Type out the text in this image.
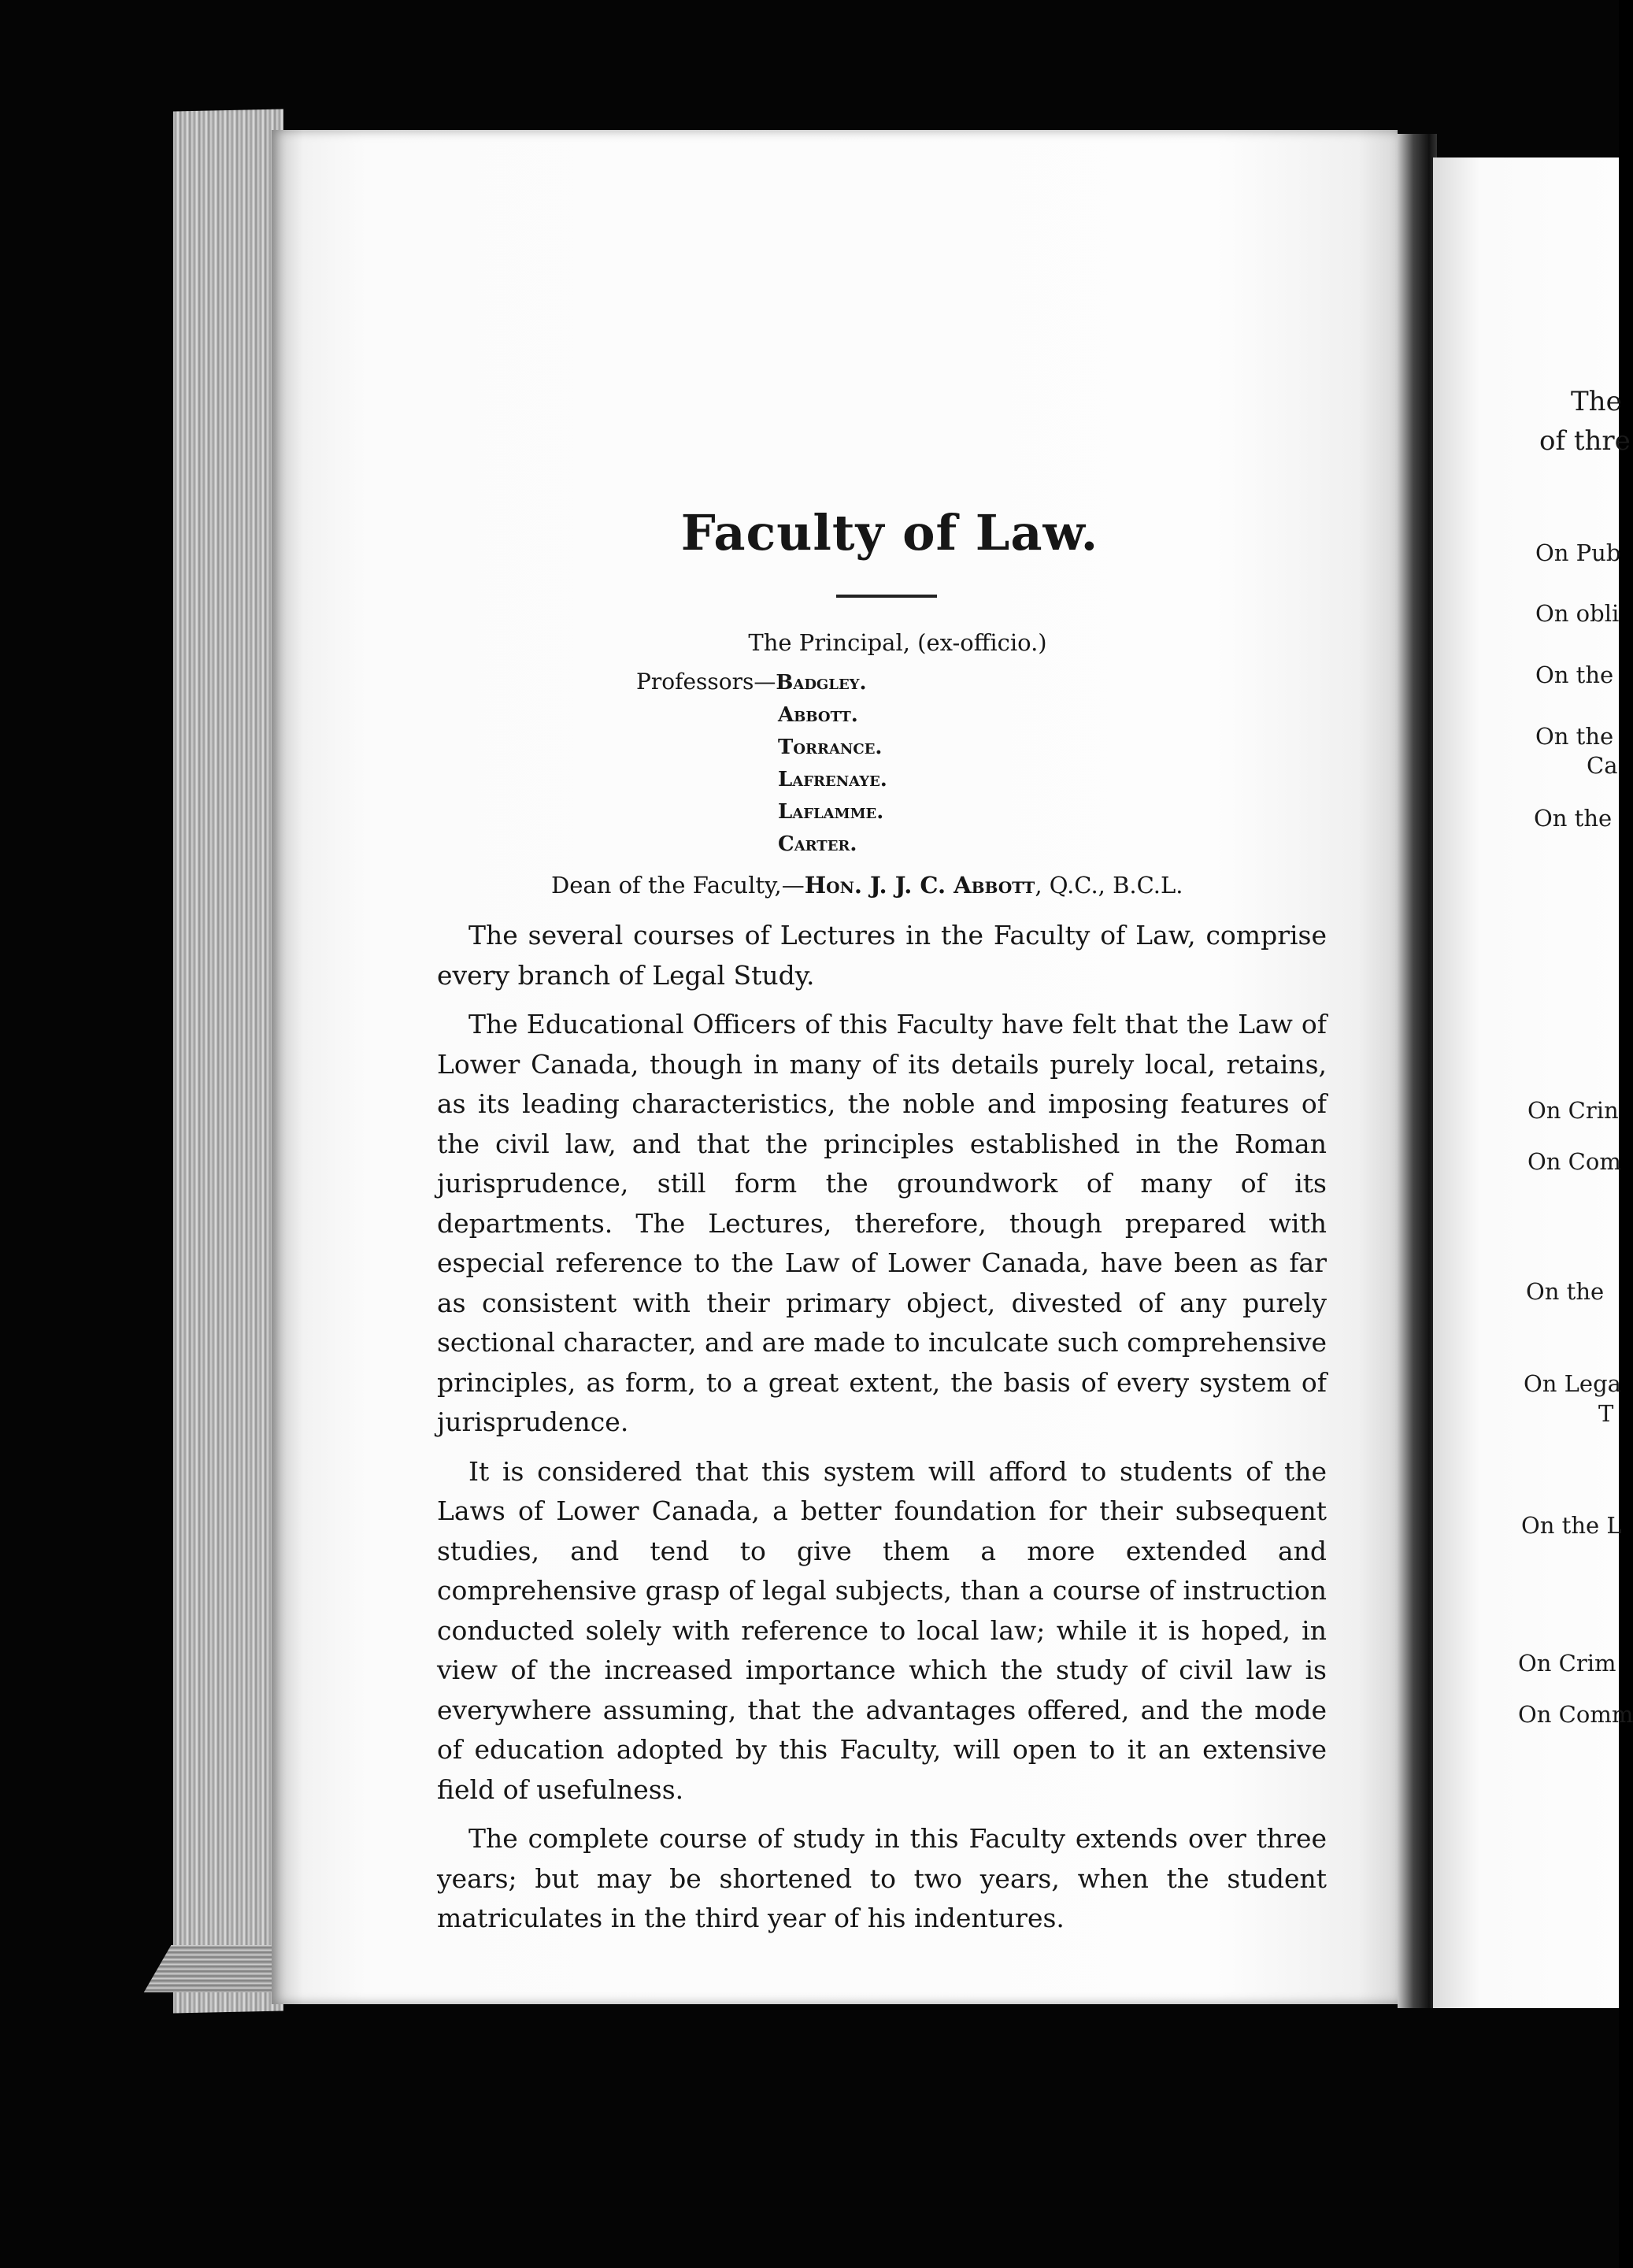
Faculty of Law.

The Principal, (ex-officio.)

Professors—Badgley.
Abbott.
Torrance.
Lafrenaye.
Laflamme.
Carter.

Dean of the Faculty,—Hon. J. J. C. Abbott, Q.C., B.C.L.

The several courses of Lectures in the Faculty of Law, comprise every branch of Legal Study.

The Educational Officers of this Faculty have felt that the Law of Lower Canada, though in many of its details purely local, retains, as its leading characteristics, the noble and imposing features of the civil law, and that the principles established in the Roman jurisprudence, still form the groundwork of many of its departments. The Lectures, therefore, though prepared with especial reference to the Law of Lower Canada, have been as far as consistent with their primary object, divested of any purely sectional character, and are made to inculcate such comprehensive principles, as form, to a great extent, the basis of every system of jurisprudence.

It is considered that this system will afford to students of the Laws of Lower Canada, a better foundation for their subsequent studies, and tend to give them a more extended and comprehensive grasp of legal subjects, than a course of instruction conducted solely with reference to local law; while it is hoped, in view of the increased importance which the study of civil law is everywhere assuming, that the advantages offered, and the mode of education adopted by this Faculty, will open to it an extensive field of usefulness.

The complete course of study in this Faculty extends over three years; but may be shortened to two years, when the student matriculates in the third year of his indentures.

The
of thre
On Pub
On obli
On the
On the
Ca
On the
On Crin
On Com
On the
On Lega
T
On the L
On Crim
On Comm
